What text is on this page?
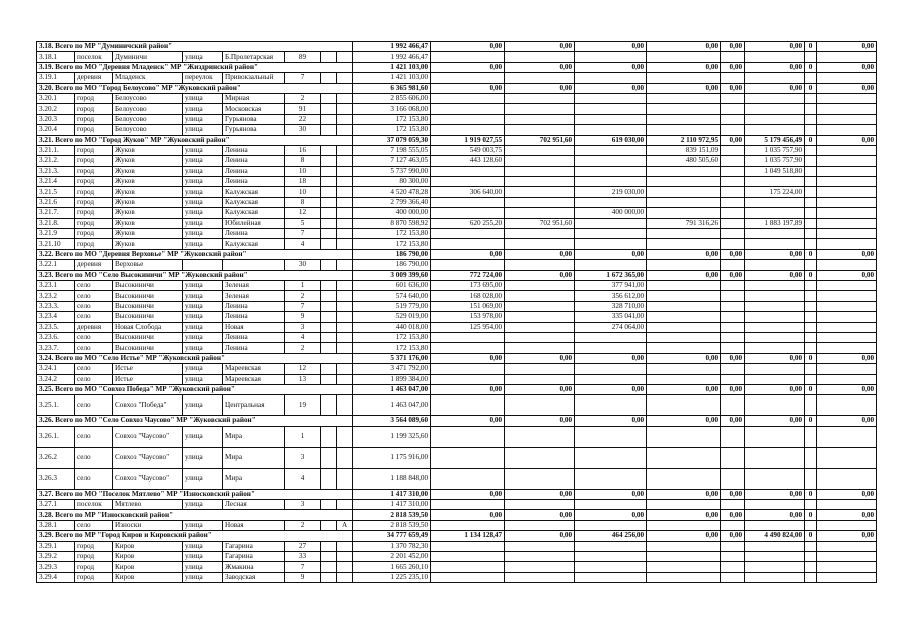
3.18. Всего по МР "Думиничский район"								1 992 466,47	0,00	0,00	0,00	0,00	0,00	0,00	0	0,00
3.18.1	поселок	Думиничи	улица	Б.Пролетарская	89			1 992 466,47								
3.19. Всего по МО "Деревня Младенск" МР "Жиздринский район"								1 421 103,00	0,00	0,00	0,00	0,00	0,00	0,00	0	0,00
3.19.1	деревня	Младенск	переулок	Привокзальный	7			1 421 103,00								
3.20. Всего по МО "Город Белоусово" МР "Жуковский район"								6 365 981,60	0,00	0,00	0,00	0,00	0,00	0,00	0	0,00
3.20.1	город	Белоусово	улица	Мирная	2			2 855 606,00								
3.20.2	город	Белоусово	улица	Московская	91			3 166 068,00								
3.20.3	город	Белоусово	улица	Гурьянова	22			172 153,80								
3.20.4	город	Белоусово	улица	Гурьянова	30			172 153,80								
3.21. Всего по МО "Город Жуков" МР "Жуковский район"								37 079 059,30	1 919 027,55	702 951,60	619 030,00	2 110 972,95	0,00	5 179 456,49	0	0,00
3.21.1.	город	Жуков	улица	Ленина	16			7 198 555,05	549 003,75			839 151,09		1 035 757,90		
3.21.2.	город	Жуков	улица	Ленина	8			7 127 463,05	443 128,60			480 505,60		1 035 757,90		
3.21.3.	город	Жуков	улица	Ленина	10			5 737 990,00						1 049 518,80		
3.21.4	город	Жуков	улица	Ленина	18			80 300,00								
3.21.5	город	Жуков	улица	Калужская	10			4 520 478,28	306 640,00		219 030,00			175 224,00		
3.21.6	город	Жуков	улица	Калужская	8			2 799 366,40								
3.21.7.	город	Жуков	улица	Калужская	12			400 000,00			400 000,00					
3.21.8.	город	Жуков	улица	Юбилейная	5			8 870 598,92	620 255,20	702 951,60		791 316,26		1 883 197,89		
3.21.9	город	Жуков	улица	Ленина	7			172 153,80								
3.21.10	город	Жуков	улица	Калужская	4			172 153,80								
3.22. Всего по МО "Деревня Верховье" МР "Жуковский район"								186 790,00	0,00	0,00	0,00	0,00	0,00	0,00	0	0,00
3.22.1	деревня	Верховье			30			186 790,00								
3.23. Всего по МО "Село Высокиничи" МР "Жуковский район"								3 009 399,60	772 724,00	0,00	1 672 365,00	0,00	0,00	0,00	0	0,00
3.23.1	село	Высокиничи	улица	Зеленая	1			601 636,00	173 695,00		377 941,00					
3.23.2	село	Высокиничи	улица	Зеленая	2			574 640,00	168 028,00		356 612,00					
3.23.3.	село	Высокиничи	улица	Ленина	7			519 779,00	151 069,00		328 710,00					
3.23.4	село	Высокиничи	улица	Ленина	9			529 019,00	153 978,00		335 041,00					
3.23.5.	деревня	Новая Слобода	улица	Новая	3			440 018,00	125 954,00		274 064,00					
3.23.6.	село	Высокиничи	улица	Ленина	4			172 153,80								
3.23.7.	село	Высокиничи	улица	Ленина	2			172 153,80								
3.24. Всего по МО "Село Истье" МР "Жуковский район"								5 371 176,00	0,00	0,00	0,00	0,00	0,00	0,00	0	0,00
3.24.1	село	Истье	улица	Мареевская	12			3 471 792,00								
3.24.2	село	Истье	улица	Мареевская	13			1 899 384,00								
3.25. Всего по МО "Совхоз Победа" МР "Жуковский район"								1 463 047,00	0,00	0,00	0,00	0,00	0,00	0,00	0	0,00
3.25.1.	село	Совхоз "Победа"	улица	Центральная	19			1 463 047,00								
3.26. Всего по МО "Село Совхоз Чаусово" МР "Жуковский район"								3 564 089,60	0,00	0,00	0,00	0,00	0,00	0,00	0	0,00
3.26.1.	село	Совхоз "Чаусово"	улица	Мира	1			1 199 325,60								
3.26.2	село	Совхоз "Чаусово"	улица	Мира	3			1 175 916,00								
3.26.3	село	Совхоз "Чаусово"	улица	Мира	4			1 188 848,00								
3.27. Всего по МО "Поселок Мятлево" МР "Износковский район"								1 417 310,00	0,00	0,00	0,00	0,00	0,00	0,00	0	0,00
3.27.1	поселок	Мятлево	улица	Лесная	3			1 417 310,00								
3.28. Всего по МР "Износковский район"								2 818 539,50	0,00	0,00	0,00	0,00	0,00	0,00	0	0,00
3.28.1	село	Износки	улица	Новая	2		А	2 818 539,50								
3.29. Всего по МР "Город Киров и Кировский район"								34 777 659,49	1 134 128,47	0,00	464 256,00	0,00	0,00	4 490 824,00	0	0,00
3.29.1	город	Киров	улица	Гагарина	27			1 370 782,30								
3.29.2	город	Киров	улица	Гагарина	33			2 201 452,00								
3.29.3	город	Киров	улица	Жмакина	7			1 665 260,10								
3.29.4	город	Киров	улица	Заводская	9			1 225 235,10								
